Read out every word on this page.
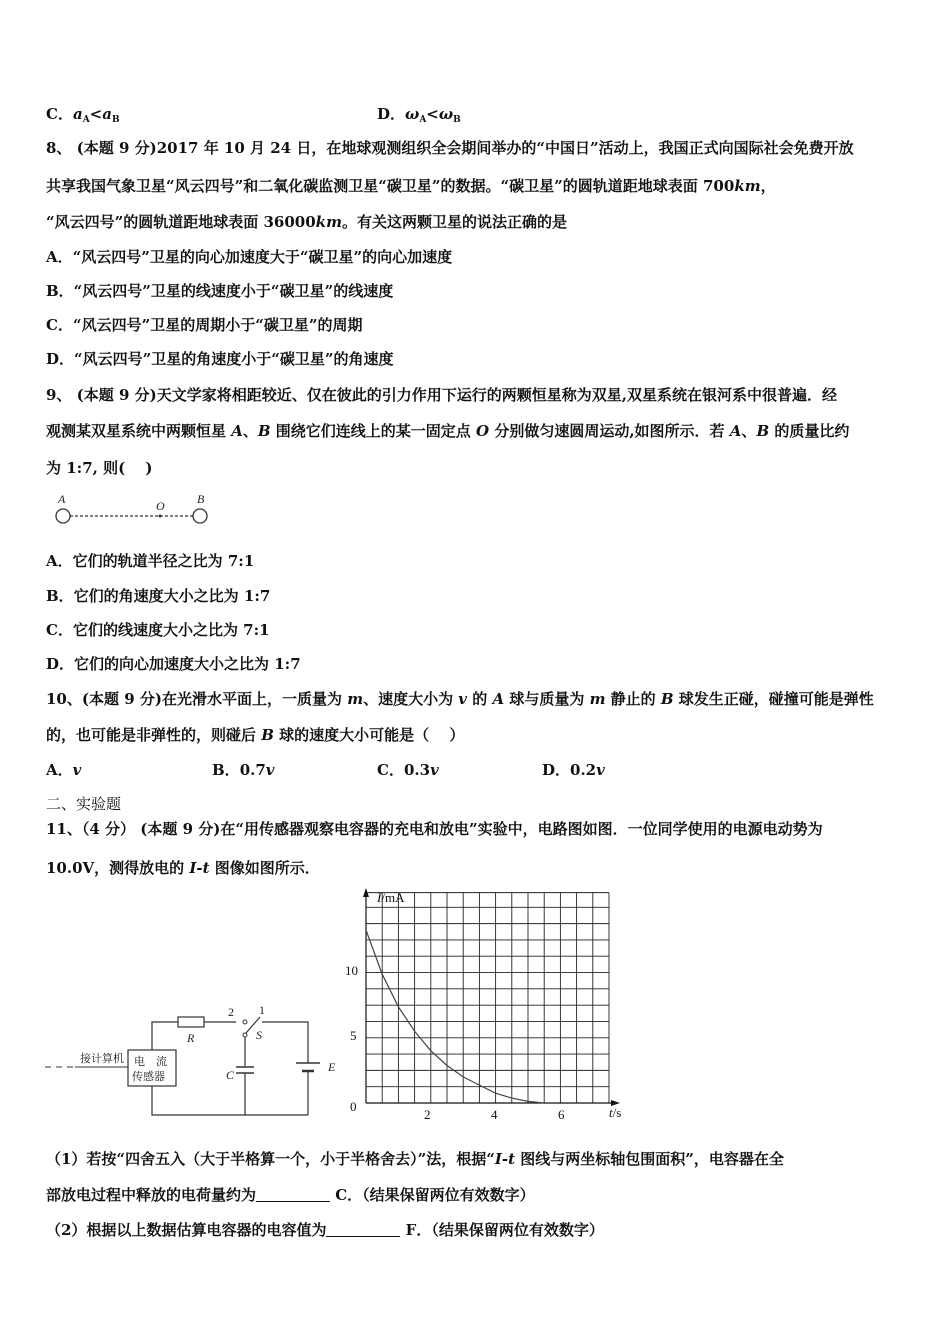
C．$a_A<a_B$	D．$\omega_A<\omega_B$
8、 (本题 9 分)2017 年 10 月 24 日，在地球观测组织全会期间举办的“中国日”活动上，我国正式向国际社会免费开放
共享我国气象卫星“风云四号”和二氧化碳监测卫星“碳卫星”的数据。“碳卫星”的圆轨道距地球表面 700km，
“风云四号”的圆轨道距地球表面 36000km。有关这两颗卫星的说法正确的是
A．“风云四号”卫星的向心加速度大于“碳卫星”的向心加速度
B．“风云四号”卫星的线速度小于“碳卫星”的线速度
C．“风云四号”卫星的周期小于“碳卫星”的周期
D．“风云四号”卫星的角速度小于“碳卫星”的角速度
9、 (本题 9 分)天文学家将相距较近、仅在彼此的引力作用下运行的两颗恒星称为双星,双星系统在银河系中很普遍．经
观测某双星系统中两颗恒星 A、B 围绕它们连线上的某一固定点 O 分别做匀速圆周运动,如图所示．若 A、B 的质量比约
为 1:7, 则(　 )
A	O	B
A．它们的轨道半径之比为 7:1
B．它们的角速度大小之比为 1:7
C．它们的线速度大小之比为 7:1
D．它们的向心加速度大小之比为 1:7
10、(本题 9 分)在光滑水平面上，一质量为 m、速度大小为 v 的 A 球与质量为 m 静止的 B 球发生正碰，碰撞可能是弹性
的，也可能是非弹性的，则碰后 B 球的速度大小可能是（　 ）
A．v	B．0.7v	C．0.3v	D．0.2v
二、实验题
11、（4 分） (本题 9 分)在“用传感器观察电容器的充电和放电”实验中，电路图如图．一位同学使用的电源电动势为
10.0V，测得放电的 I-t 图像如图所示．
接计算机 电　流
传感器
R
2 1
S
C
E
I/mA
t/s
10
5
0
2	4	6
（1）若按“四舍五入（大于半格算一个，小于半格舍去）”法，根据“I-t 图线与两坐标轴包围面积”，电容器在全
部放电过程中释放的电荷量约为	C．（结果保留两位有效数字）
（2）根据以上数据估算电容器的电容值为	F．（结果保留两位有效数字）
